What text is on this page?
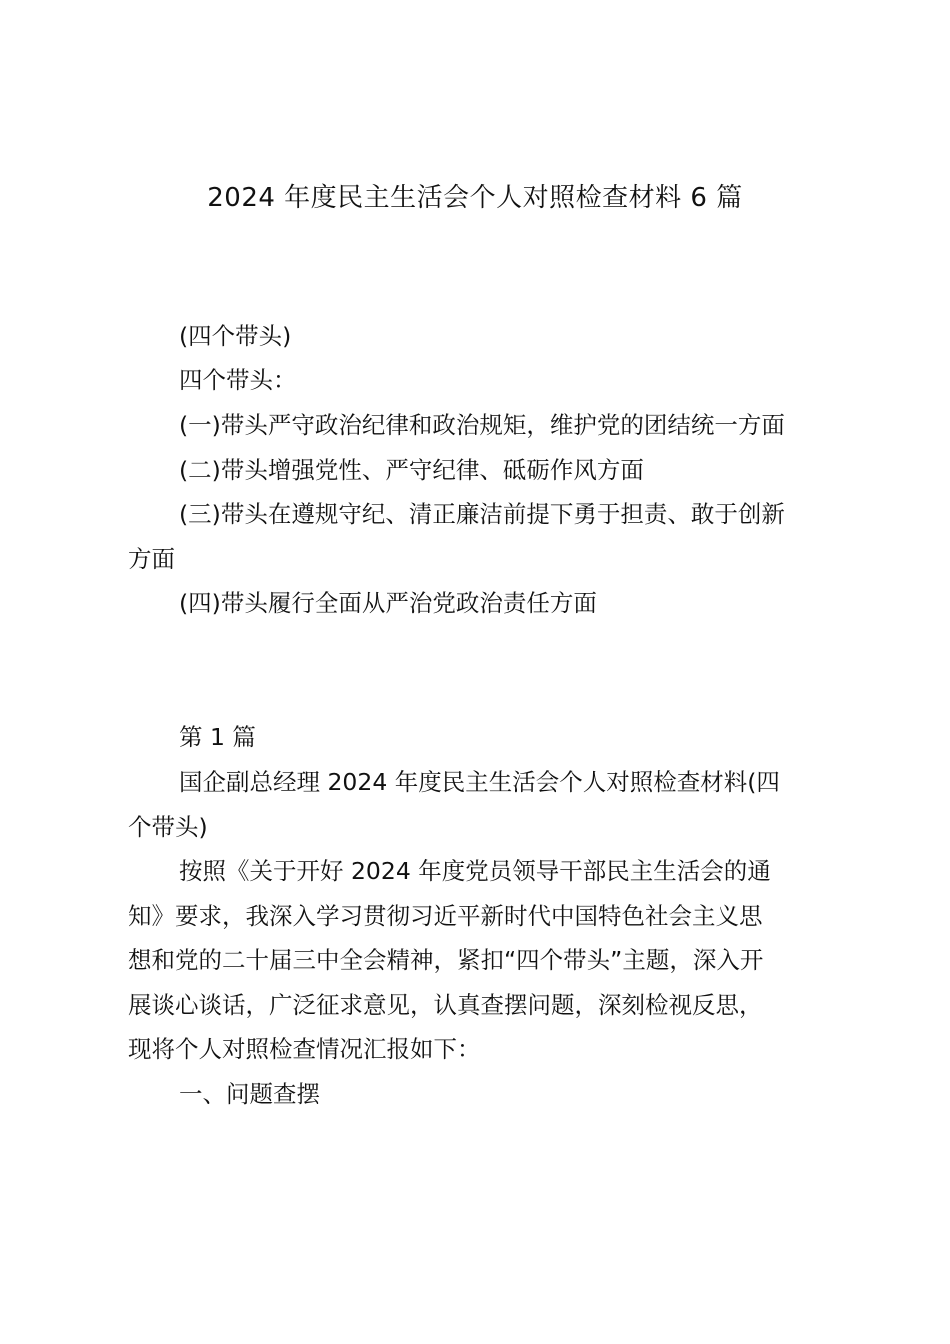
2024 年度民主生活会个人对照检查材料 6 篇
(四个带头)
四个带头：
(一)带头严守政治纪律和政治规矩，维护党的团结统一方面
(二)带头增强党性、严守纪律、砥砺作风方面
(三)带头在遵规守纪、清正廉洁前提下勇于担责、敢于创新
方面
(四)带头履行全面从严治党政治责任方面
第 1 篇
国企副总经理 2024 年度民主生活会个人对照检查材料(四
个带头)
按照《关于开好 2024 年度党员领导干部民主生活会的通
知》要求，我深入学习贯彻习近平新时代中国特色社会主义思
想和党的二十届三中全会精神，紧扣“四个带头”主题，深入开
展谈心谈话，广泛征求意见，认真查摆问题，深刻检视反思，
现将个人对照检查情况汇报如下：
一、问题查摆
